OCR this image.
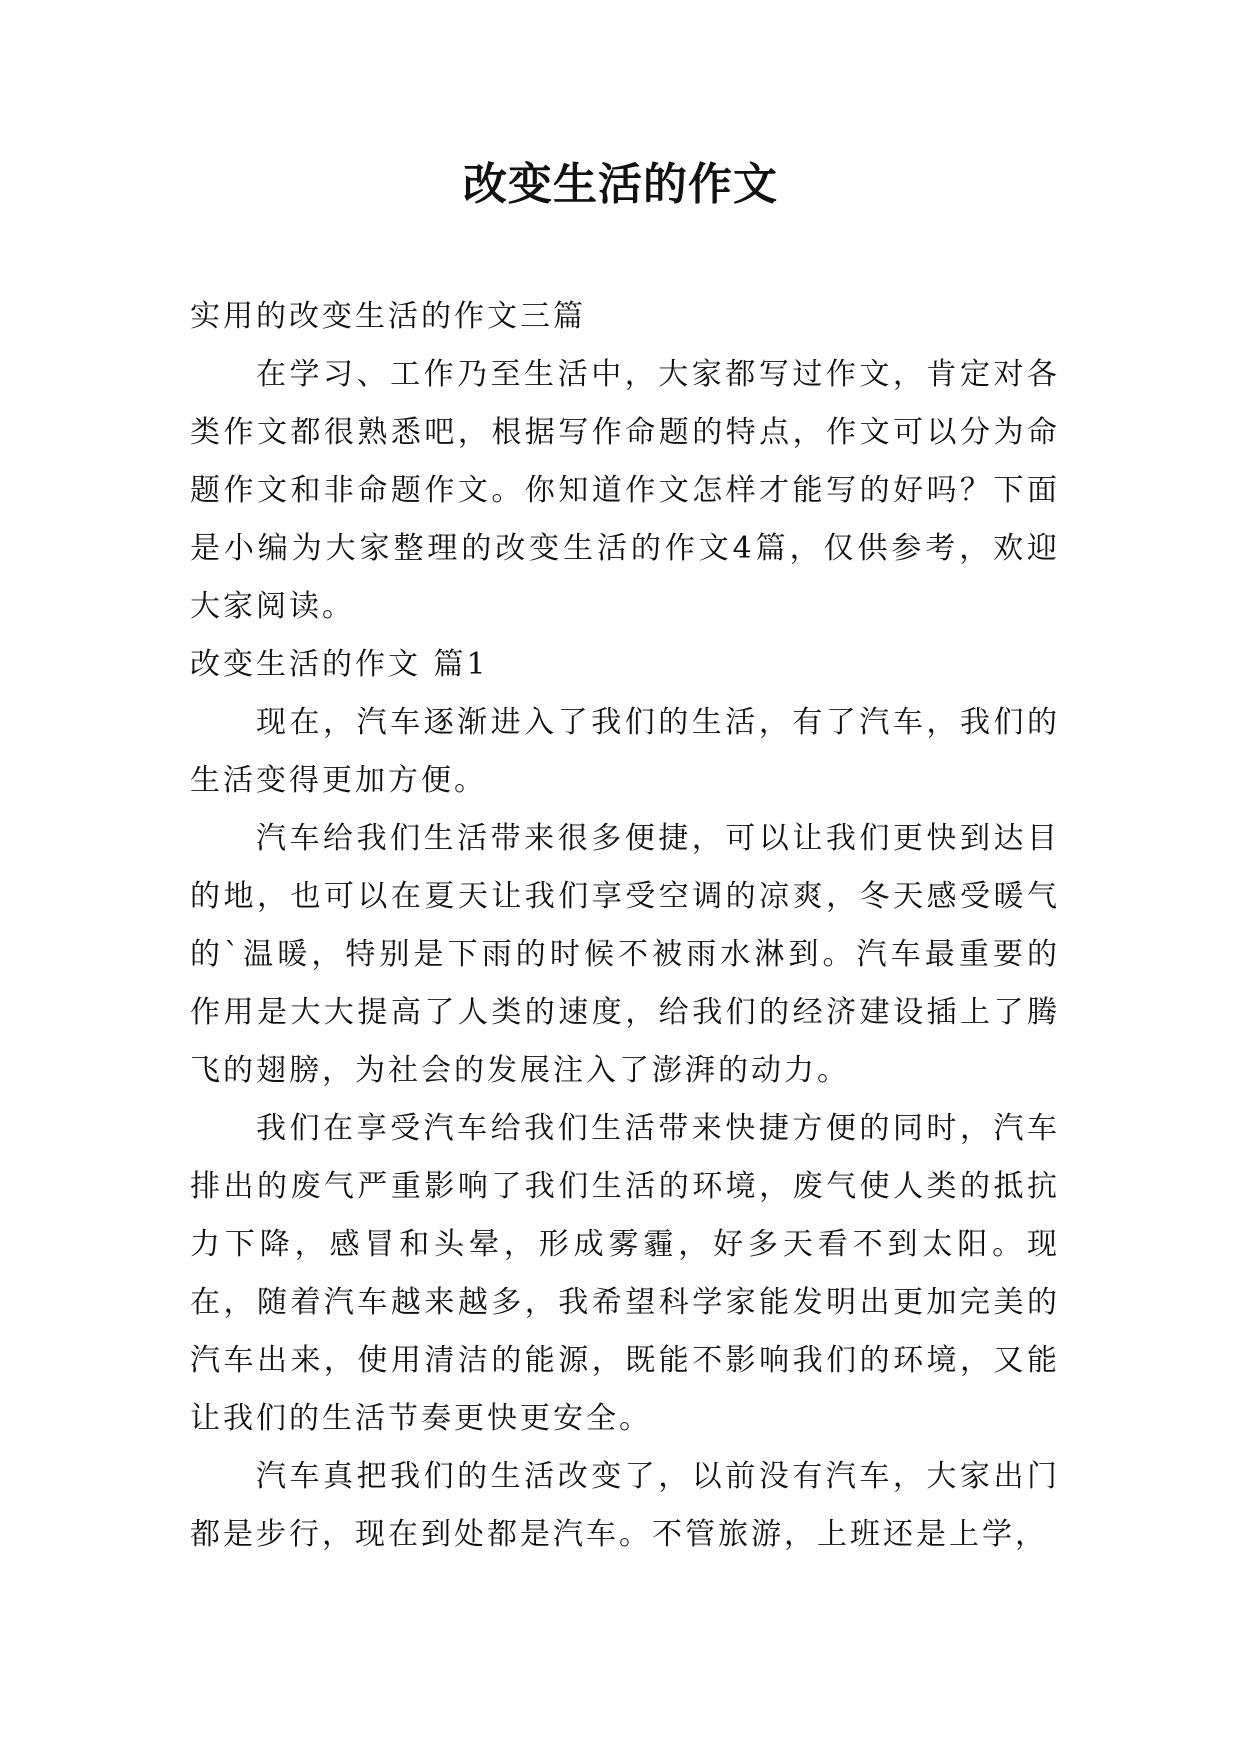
改变生活的作文

实用的改变生活的作文三篇

在学习、工作乃至生活中，大家都写过作文，肯定对各类作文都很熟悉吧，根据写作命题的特点，作文可以分为命题作文和非命题作文。你知道作文怎样才能写的好吗？下面是小编为大家整理的改变生活的作文4篇，仅供参考，欢迎大家阅读。

改变生活的作文 篇1

现在，汽车逐渐进入了我们的生活，有了汽车，我们的生活变得更加方便。

汽车给我们生活带来很多便捷，可以让我们更快到达目的地，也可以在夏天让我们享受空调的凉爽，冬天感受暖气的`温暖，特别是下雨的时候不被雨水淋到。汽车最重要的作用是大大提高了人类的速度，给我们的经济建设插上了腾飞的翅膀，为社会的发展注入了澎湃的动力。

我们在享受汽车给我们生活带来快捷方便的同时，汽车排出的废气严重影响了我们生活的环境，废气使人类的抵抗力下降，感冒和头晕，形成雾霾，好多天看不到太阳。现在，随着汽车越来越多，我希望科学家能发明出更加完美的汽车出来，使用清洁的能源，既能不影响我们的环境，又能让我们的生活节奏更快更安全。

汽车真把我们的生活改变了，以前没有汽车，大家出门都是步行，现在到处都是汽车。不管旅游，上班还是上学，
